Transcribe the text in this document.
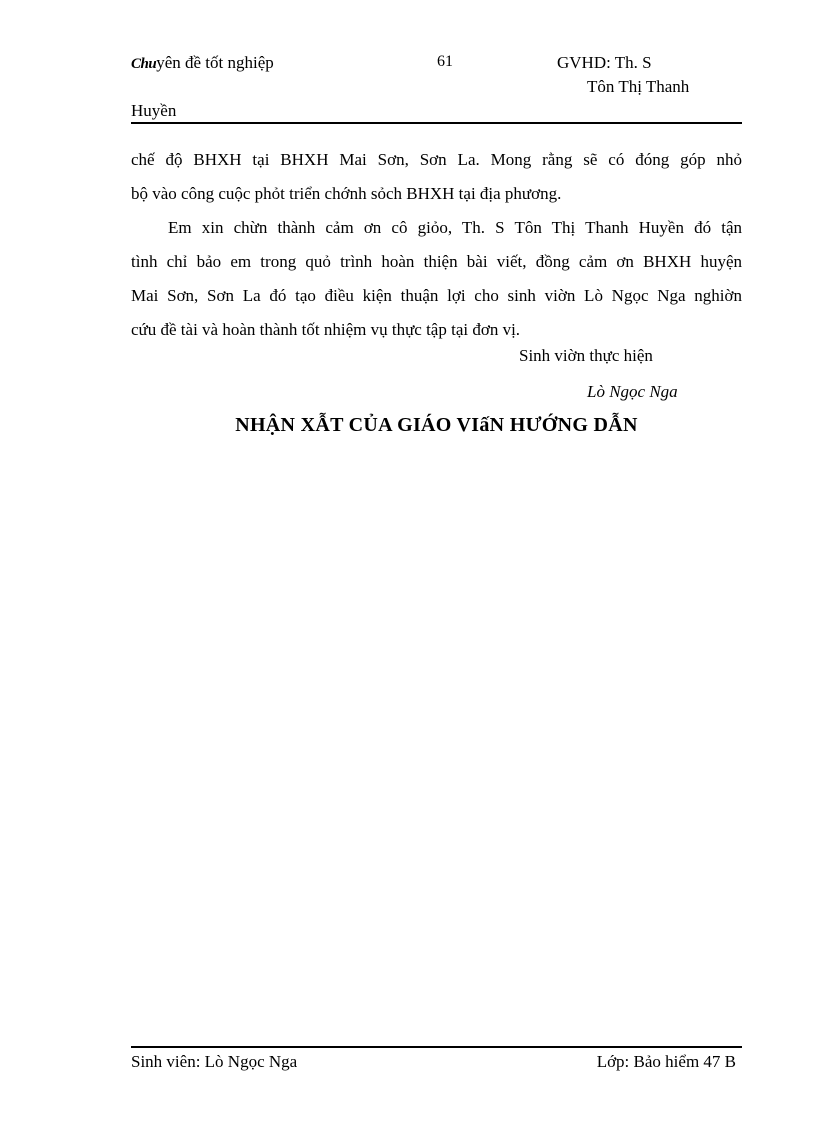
Chuyên đề tốt nghiệp	61	GVHD: Th. S
Tôn Thị Thanh
Huyền
chế độ BHXH tại BHXH Mai Sơn, Sơn La. Mong rằng sẽ có đóng góp nhỏ
bộ vào công cuộc phỏt triển chớnh sỏch BHXH tại địa phương.
Em xin chừn thành cảm ơn cô giỏo, Th. S Tôn Thị Thanh Huyền đó tận
tình chỉ bảo em trong quỏ trình hoàn thiện bài viết, đồng cảm ơn BHXH huyện
Mai Sơn, Sơn La đó tạo điều kiện thuận lợi cho sinh viờn Lò Ngọc Nga nghiờn
cứu đề tài và hoàn thành tốt nhiệm vụ thực tập tại đơn vị.
Sinh viờn thực hiện
Lò Ngọc Nga
NHẬN XẪT CỦA GIÁO VIấN HƯỚNG DẪN
Sinh viên: Lò Ngọc Nga	Lớp: Bảo hiểm 47 B
